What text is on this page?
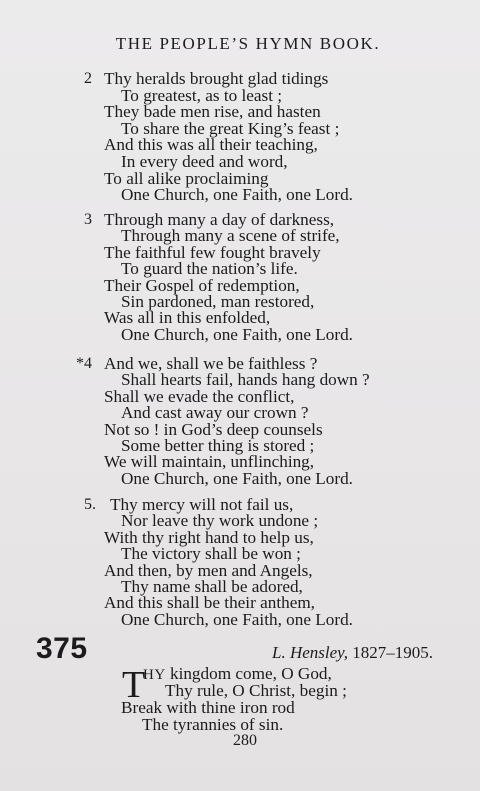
THE PEOPLE’S HYMN BOOK.
2 Thy heralds brought glad tidings
To greatest, as to least ;
They bade men rise, and hasten
To share the great King’s feast ;
And this was all their teaching,
In every deed and word,
To all alike proclaiming
One Church, one Faith, one Lord.
3 Through many a day of darkness,
Through many a scene of strife,
The faithful few fought bravely
To guard the nation’s life.
Their Gospel of redemption,
Sin pardoned, man restored,
Was all in this enfolded,
One Church, one Faith, one Lord.
*4 And we, shall we be faithless ?
Shall hearts fail, hands hang down ?
Shall we evade the conflict,
And cast away our crown ?
Not so ! in God’s deep counsels
Some better thing is stored ;
We will maintain, unflinching,
One Church, one Faith, one Lord.
5. Thy mercy will not fail us,
Nor leave thy work undone ;
With thy right hand to help us,
The victory shall be won ;
And then, by men and Angels,
Thy name shall be adored,
And this shall be their anthem,
One Church, one Faith, one Lord.
375	L. Hensley, 1827–1905.
T
HY kingdom come, O God,
Thy rule, O Christ, begin ;
Break with thine iron rod
The tyrannies of sin.
280
